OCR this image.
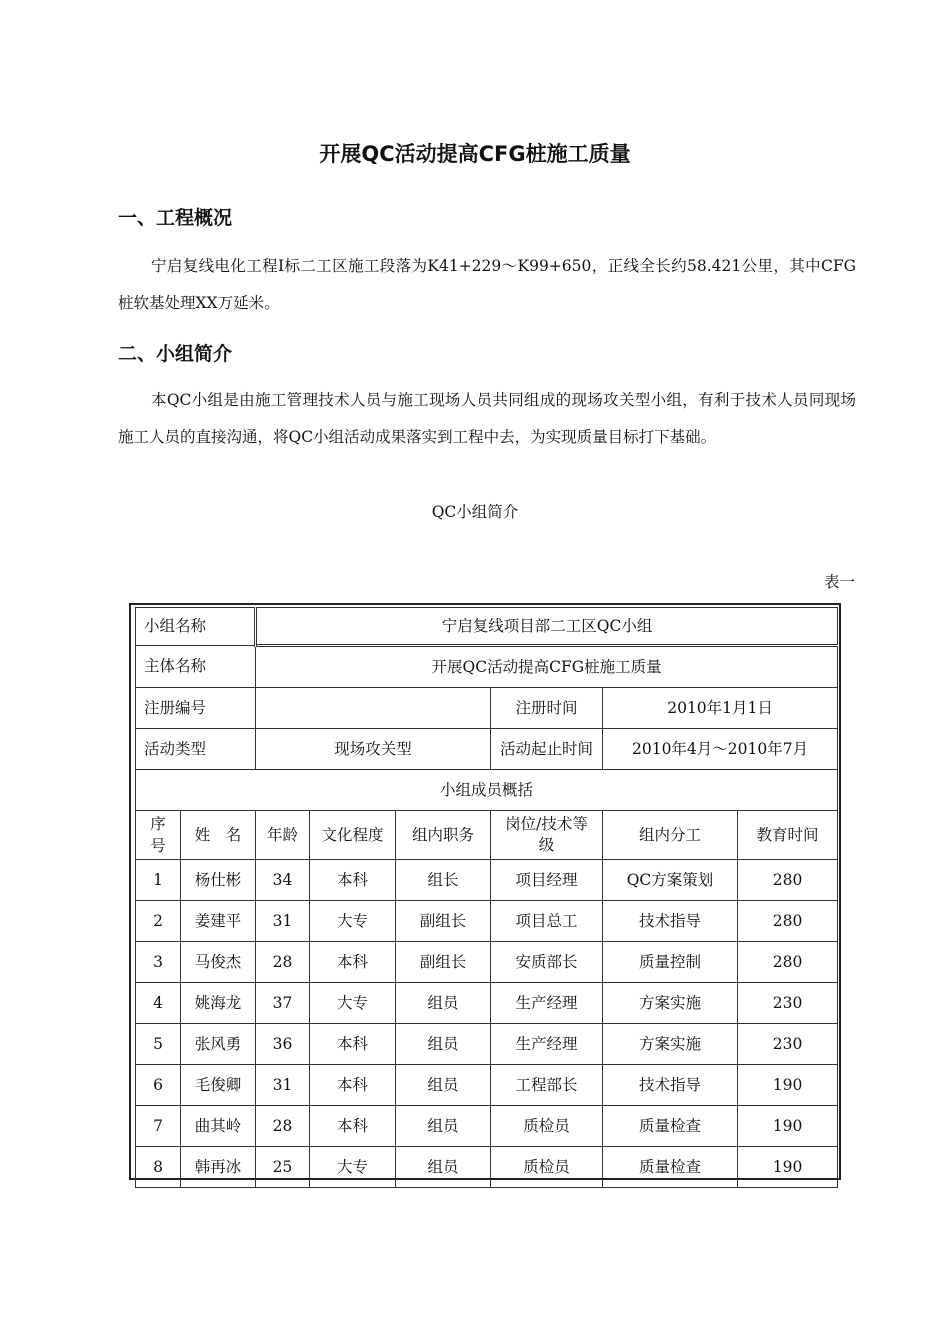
开展QC活动提高CFG桩施工质量
一、工程概况
宁启复线电化工程Ⅰ标二工区施工段落为K41+229～K99+650，正线全长约58.421公里，其中CFG桩软基处理XX万延米。
二、小组简介
本QC小组是由施工管理技术人员与施工现场人员共同组成的现场攻关型小组，有利于技术人员同现场施工人员的直接沟通，将QC小组活动成果落实到工程中去，为实现质量目标打下基础。
QC小组简介
表一
小组名称		宁启复线项目部二工区QC小组					
主体名称		开展QC活动提高CFG桩施工质量					
注册编号					注册时间	2010年1月1日	
活动类型		现场攻关型			活动起止时间	2010年4月～2010年7月	
小组成员概括							
序号	姓　名	年龄	文化程度	组内职务	岗位/技术等级	组内分工	教育时间
1	杨仕彬	34	本科	组长	项目经理	QC方案策划	280
2	姜建平	31	大专	副组长	项目总工	技术指导	280
3	马俊杰	28	本科	副组长	安质部长	质量控制	280
4	姚海龙	37	大专	组员	生产经理	方案实施	230
5	张风勇	36	本科	组员	生产经理	方案实施	230
6	毛俊卿	31	本科	组员	工程部长	技术指导	190
7	曲其岭	28	本科	组员	质检员	质量检查	190
8	韩再冰	25	大专	组员	质检员	质量检查	190
